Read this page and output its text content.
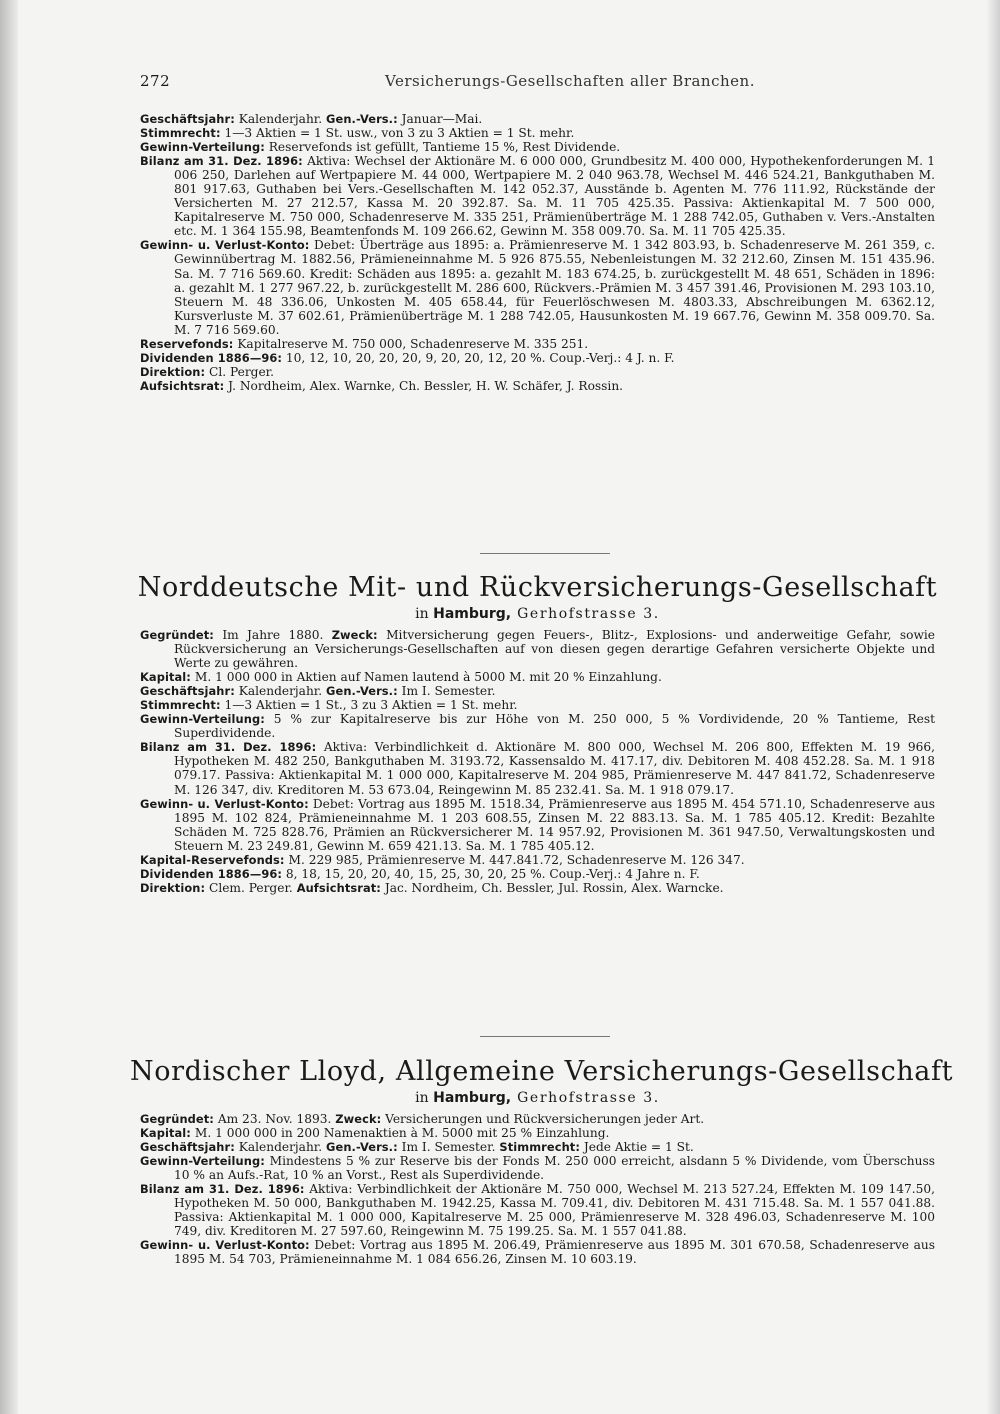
272	Versicherungs-Gesellschaften aller Branchen.

Geschäftsjahr: Kalenderjahr. Gen.-Vers.: Januar—Mai.

Stimmrecht: 1—3 Aktien = 1 St. usw., von 3 zu 3 Aktien = 1 St. mehr.

Gewinn-Verteilung: Reservefonds ist gefüllt, Tantieme 15 %, Rest Dividende.

Bilanz am 31. Dez. 1896: Aktiva: Wechsel der Aktionäre M. 6 000 000, Grundbesitz M. 400 000, Hypothekenforderungen M. 1 006 250, Darlehen auf Wertpapiere M. 44 000, Wertpapiere M. 2 040 963.78, Wechsel M. 446 524.21, Bankguthaben M. 801 917.63, Guthaben bei Vers.-Gesellschaften M. 142 052.37, Ausstände b. Agenten M. 776 111.92, Rückstände der Versicherten M. 27 212.57, Kassa M. 20 392.87. Sa. M. 11 705 425.35. Passiva: Aktienkapital M. 7 500 000, Kapitalreserve M. 750 000, Schadenreserve M. 335 251, Prämienüberträge M. 1 288 742.05, Guthaben v. Vers.-Anstalten etc. M. 1 364 155.98, Beamtenfonds M. 109 266.62, Gewinn M. 358 009.70. Sa. M. 11 705 425.35.

Gewinn- u. Verlust-Konto: Debet: Überträge aus 1895: a. Prämienreserve M. 1 342 803.93, b. Schadenreserve M. 261 359, c. Gewinnübertrag M. 1882.56, Prämieneinnahme M. 5 926 875.55, Nebenleistungen M. 32 212.60, Zinsen M. 151 435.96. Sa. M. 7 716 569.60. Kredit: Schäden aus 1895: a. gezahlt M. 183 674.25, b. zurückgestellt M. 48 651, Schäden in 1896: a. gezahlt M. 1 277 967.22, b. zurückgestellt M. 286 600, Rückvers.-Prämien M. 3 457 391.46, Provisionen M. 293 103.10, Steuern M. 48 336.06, Unkosten M. 405 658.44, für Feuerlöschwesen M. 4803.33, Abschreibungen M. 6362.12, Kursverluste M. 37 602.61, Prämienüberträge M. 1 288 742.05, Hausunkosten M. 19 667.76, Gewinn M. 358 009.70. Sa. M. 7 716 569.60.

Reservefonds: Kapitalreserve M. 750 000, Schadenreserve M. 335 251.

Dividenden 1886—96: 10, 12, 10, 20, 20, 20, 9, 20, 20, 12, 20 %. Coup.-Verj.: 4 J. n. F.

Direktion: Cl. Perger.

Aufsichtsrat: J. Nordheim, Alex. Warnke, Ch. Bessler, H. W. Schäfer, J. Rossin.

Norddeutsche Mit- und Rückversicherungs-Gesellschaft
in Hamburg, Gerhofstrasse 3.

Gegründet: Im Jahre 1880. Zweck: Mitversicherung gegen Feuers-, Blitz-, Explosions- und anderweitige Gefahr, sowie Rückversicherung an Versicherungs-Gesellschaften auf von diesen gegen derartige Gefahren versicherte Objekte und Werte zu gewähren.

Kapital: M. 1 000 000 in Aktien auf Namen lautend à 5000 M. mit 20 % Einzahlung.

Geschäftsjahr: Kalenderjahr. Gen.-Vers.: Im I. Semester.

Stimmrecht: 1—3 Aktien = 1 St., 3 zu 3 Aktien = 1 St. mehr.

Gewinn-Verteilung: 5 % zur Kapitalreserve bis zur Höhe von M. 250 000, 5 % Vordividende, 20 % Tantieme, Rest Superdividende.

Bilanz am 31. Dez. 1896: Aktiva: Verbindlichkeit d. Aktionäre M. 800 000, Wechsel M. 206 800, Effekten M. 19 966, Hypotheken M. 482 250, Bankguthaben M. 3193.72, Kassensaldo M. 417.17, div. Debitoren M. 408 452.28. Sa. M. 1 918 079.17. Passiva: Aktienkapital M. 1 000 000, Kapitalreserve M. 204 985, Prämienreserve M. 447 841.72, Schadenreserve M. 126 347, div. Kreditoren M. 53 673.04, Reingewinn M. 85 232.41. Sa. M. 1 918 079.17.

Gewinn- u. Verlust-Konto: Debet: Vortrag aus 1895 M. 1518.34, Prämienreserve aus 1895 M. 454 571.10, Schadenreserve aus 1895 M. 102 824, Prämieneinnahme M. 1 203 608.55, Zinsen M. 22 883.13. Sa. M. 1 785 405.12. Kredit: Bezahlte Schäden M. 725 828.76, Prämien an Rückversicherer M. 14 957.92, Provisionen M. 361 947.50, Verwaltungskosten und Steuern M. 23 249.81, Gewinn M. 659 421.13. Sa. M. 1 785 405.12.

Kapital-Reservefonds: M. 229 985, Prämienreserve M. 447.841.72, Schadenreserve M. 126 347.

Dividenden 1886—96: 8, 18, 15, 20, 20, 40, 15, 25, 30, 20, 25 %. Coup.-Verj.: 4 Jahre n. F.

Direktion: Clem. Perger. Aufsichtsrat: Jac. Nordheim, Ch. Bessler, Jul. Rossin, Alex. Warncke.

Nordischer Lloyd, Allgemeine Versicherungs-Gesellschaft
in Hamburg, Gerhofstrasse 3.

Gegründet: Am 23. Nov. 1893. Zweck: Versicherungen und Rückversicherungen jeder Art.

Kapital: M. 1 000 000 in 200 Namenaktien à M. 5000 mit 25 % Einzahlung.

Geschäftsjahr: Kalenderjahr. Gen.-Vers.: Im I. Semester. Stimmrecht: Jede Aktie = 1 St.

Gewinn-Verteilung: Mindestens 5 % zur Reserve bis der Fonds M. 250 000 erreicht, alsdann 5 % Dividende, vom Überschuss 10 % an Aufs.-Rat, 10 % an Vorst., Rest als Superdividende.

Bilanz am 31. Dez. 1896: Aktiva: Verbindlichkeit der Aktionäre M. 750 000, Wechsel M. 213 527.24, Effekten M. 109 147.50, Hypotheken M. 50 000, Bankguthaben M. 1942.25, Kassa M. 709.41, div. Debitoren M. 431 715.48. Sa. M. 1 557 041.88. Passiva: Aktienkapital M. 1 000 000, Kapitalreserve M. 25 000, Prämienreserve M. 328 496.03, Schadenreserve M. 100 749, div. Kreditoren M. 27 597.60, Reingewinn M. 75 199.25. Sa. M. 1 557 041.88.

Gewinn- u. Verlust-Konto: Debet: Vortrag aus 1895 M. 206.49, Prämienreserve aus 1895 M. 301 670.58, Schadenreserve aus 1895 M. 54 703, Prämieneinnahme M. 1 084 656.26, Zinsen M. 10 603.19.
